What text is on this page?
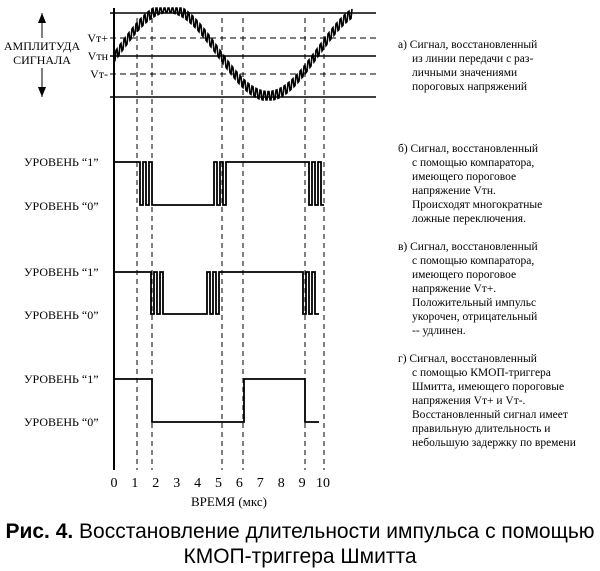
АМПЛИТУДА
СИГНАЛА
Vт+
Vтн
Vт-
УРОВЕНЬ “1”
УРОВЕНЬ “0”
УРОВЕНЬ “1”
УРОВЕНЬ “0”
УРОВЕНЬ “1”
УРОВЕНЬ “0”
а) Сигнал, восстановленный из линии передачи с раз- личными значениями пороговых напряжений
б) Сигнал, восстановленный с помощью компаратора, имеющего пороговое напряжение Vтн. Происходят многократные ложные переключения.
в) Сигнал, восстановленный с помощью компаратора, имеющего пороговое напряжение Vт+. Положительный импульс укорочен, отрицательный -- удлинен.
г) Сигнал, восстановленный с помощью КМОП-триггера Шмитта, имеющего пороговые напряжения Vт+ и Vт-. Восстановленный сигнал имеет правильную длительность и небольшую задержку по времени
0 1 2 3 4 5 6 7 8 9 10
ВРЕМЯ (мкс)
Рис. 4. Восстановление длительности импульса с помощью
КМОП-триггера Шмитта
